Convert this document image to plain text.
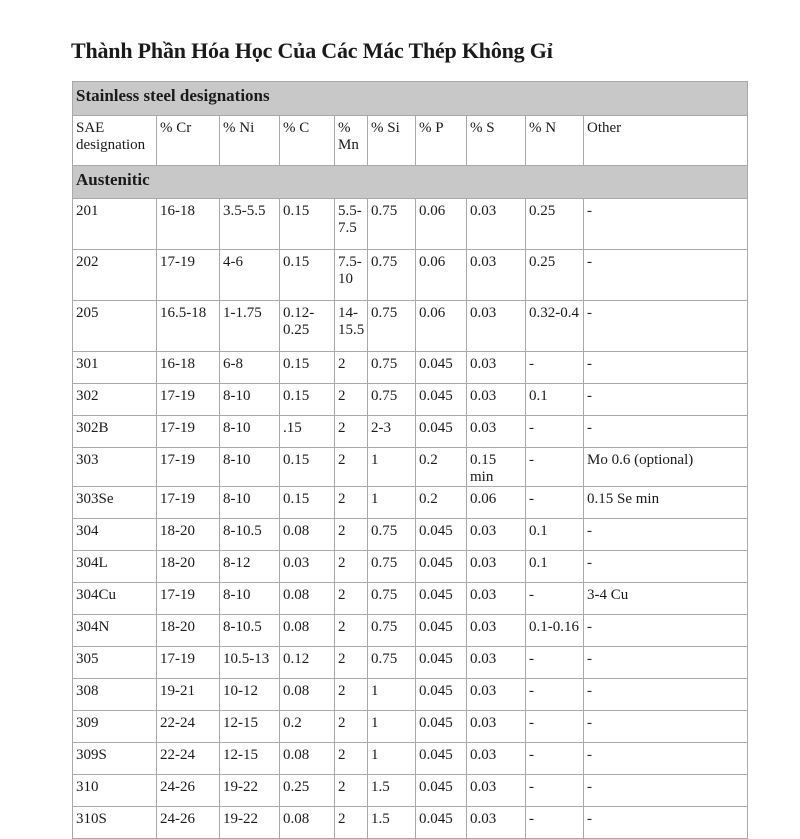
Thành Phần Hóa Học Của Các Mác Thép Không Gỉ
Stainless steel designations									
SAE designation	% Cr	% Ni	% C	% Mn	% Si	% P	% S	% N	Other
Austenitic									
201	16-18	3.5-5.5	0.15	5.5-7.5	0.75	0.06	0.03	0.25	-
202	17-19	4-6	0.15	7.5-10	0.75	0.06	0.03	0.25	-
205	16.5-18	1-1.75	0.12-0.25	14-15.5	0.75	0.06	0.03	0.32-0.4	-
301	16-18	6-8	0.15	2	0.75	0.045	0.03	-	-
302	17-19	8-10	0.15	2	0.75	0.045	0.03	0.1	-
302B	17-19	8-10	.15	2	2-3	0.045	0.03	-	-
303	17-19	8-10	0.15	2	1	0.2	0.15 min	-	Mo 0.6 (optional)
303Se	17-19	8-10	0.15	2	1	0.2	0.06	-	0.15 Se min
304	18-20	8-10.5	0.08	2	0.75	0.045	0.03	0.1	-
304L	18-20	8-12	0.03	2	0.75	0.045	0.03	0.1	-
304Cu	17-19	8-10	0.08	2	0.75	0.045	0.03	-	3-4 Cu
304N	18-20	8-10.5	0.08	2	0.75	0.045	0.03	0.1-0.16	-
305	17-19	10.5-13	0.12	2	0.75	0.045	0.03	-	-
308	19-21	10-12	0.08	2	1	0.045	0.03	-	-
309	22-24	12-15	0.2	2	1	0.045	0.03	-	-
309S	22-24	12-15	0.08	2	1	0.045	0.03	-	-
310	24-26	19-22	0.25	2	1.5	0.045	0.03	-	-
310S	24-26	19-22	0.08	2	1.5	0.045	0.03	-	-
